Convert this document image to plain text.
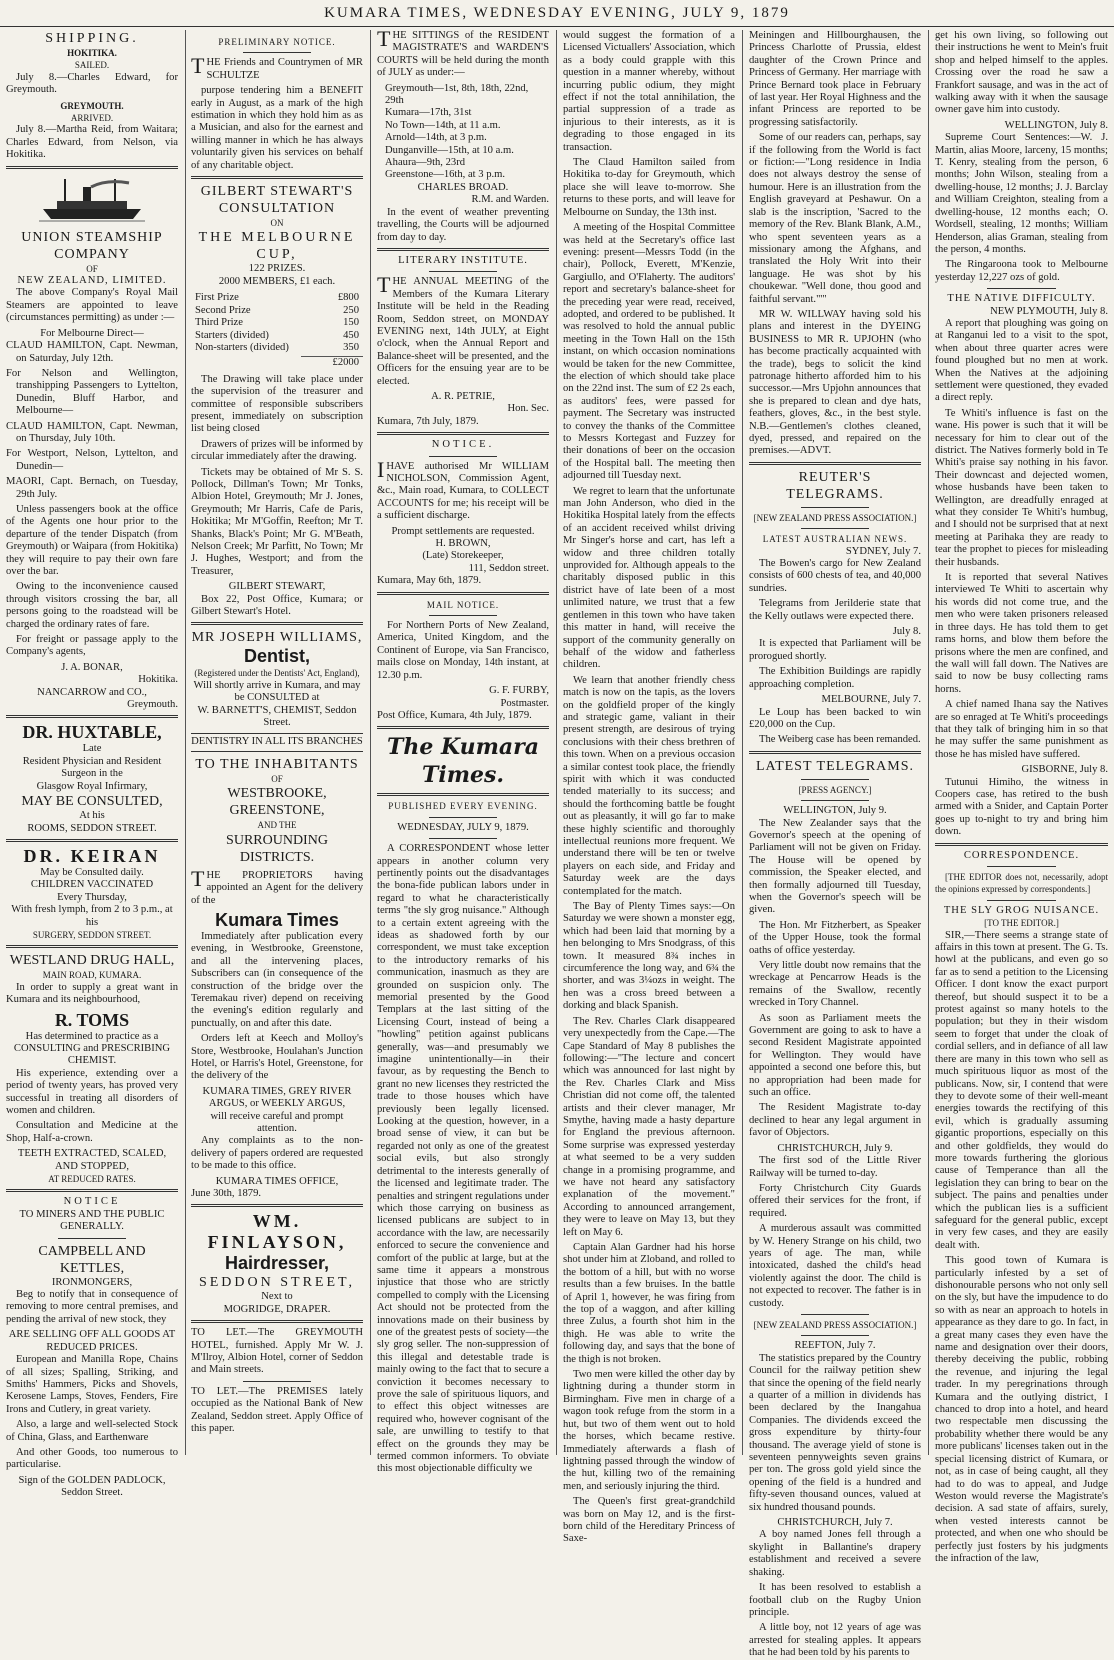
KUMARA TIMES, WEDNESDAY EVENING, JULY 9, 1879
SHIPPING.
HOKITIKA.
SAILED.

July 8.—Charles Edward, for Greymouth.

GREYMOUTH.
ARRIVED.

July 8.—Martha Reid, from Waitara; Charles Edward, from Nelson, via Hokitika.

UNION STEAMSHIP COMPANY
OF
NEW ZEALAND, LIMITED.

The above Company's Royal Mail Steamers are appointed to leave (circumstances permitting) as under :—

For Melbourne Direct—

CLAUD HAMILTON, Capt. Newman, on Saturday, July 12th.

For Nelson and Wellington, transhipping Passengers to Lyttelton, Dunedin, Bluff Harbor, and Melbourne—

CLAUD HAMILTON, Capt. Newman, on Thursday, July 10th.

For Westport, Nelson, Lyttelton, and Dunedin—

MAORI, Capt. Bernach, on Tuesday, 29th July.

Unless passengers book at the office of the Agents one hour prior to the departure of the tender Dispatch (from Greymouth) or Waipara (from Hokitika) they will require to pay their own fare over the bar.

Owing to the inconvenience caused through visitors crossing the bar, all persons going to the roadstead will be charged the ordinary rates of fare.

For freight or passage apply to the Company's agents,

J. A. BONAR,
Hokitika.
NANCARROW and CO.,
Greymouth.
DR. HUXTABLE,
Late
Resident Physician and Resident Surgeon in the
Glasgow Royal Infirmary,
MAY BE CONSULTED,
At his
ROOMS, SEDDON STREET.
DR. KEIRAN
May be Consulted daily.
CHILDREN VACCINATED
Every Thursday,
With fresh lymph, from 2 to 3 p.m., at his
SURGERY, SEDDON STREET.
WESTLAND DRUG HALL,
MAIN ROAD, KUMARA.

In order to supply a great want in Kumara and its neighbourhood,

R. TOMS
Has determined to practice as a
CONSULTING and PRESCRIBING CHEMIST.

His experience, extending over a period of twenty years, has proved very successful in treating all disorders of women and children.

Consultation and Medicine at the Shop, Half-a-crown.

TEETH EXTRACTED, SCALED, AND STOPPED,
AT REDUCED RATES.
NOTICE
TO MINERS AND THE PUBLIC GENERALLY.
CAMPBELL AND KETTLES,
IRONMONGERS,

Beg to notify that in consequence of removing to more central premises, and pending the arrival of new stock, they

ARE SELLING OFF ALL GOODS AT REDUCED PRICES.

European and Manilla Rope, Chains of all sizes; Spalling, Striking, and Smiths' Hammers, Picks and Shovels, Kerosene Lamps, Stoves, Fenders, Fire Irons and Cutlery, in great variety.

Also, a large and well-selected Stock of China, Glass, and Earthenware

And other Goods, too numerous to particularise.

Sign of the GOLDEN PADLOCK, Seddon Street.
PRELIMINARY NOTICE.

THE Friends and Countrymen of MR SCHULTZE

purpose tendering him a BENEFIT early in August, as a mark of the high estimation in which they hold him as as a Musician, and also for the earnest and willing manner in which he has always voluntarily given his services on behalf of any charitable object.

GILBERT STEWART'S CONSULTATION
ON
THE MELBOURNE CUP,
122 PRIZES.
2000 MEMBERS, £1 each.
First Prize	£800
Second Prize	250
Third Prize	150
Starters (divided)	450
Non-starters (divided)	350
£2000

The Drawing will take place under the supervision of the treasurer and committee of responsible subscribers present, immediately on subscription list being closed

Drawers of prizes will be informed by circular immediately after the drawing.

Tickets may be obtained of Mr S. S. Pollock, Dillman's Town; Mr Tonks, Albion Hotel, Greymouth; Mr J. Jones, Greymouth; Mr Harris, Cafe de Paris, Hokitika; Mr M'Goffin, Reefton; Mr T. Shanks, Black's Point; Mr G. M'Beath, Nelson Creek; Mr Parfitt, No Town; Mr J. Hughes, Westport; and from the Treasurer,

GILBERT STEWART,

Box 22, Post Office, Kumara; or Gilbert Stewart's Hotel.

MR JOSEPH WILLIAMS,
Dentist,
(Registered under the Dentists' Act, England),
Will shortly arrive in Kumara, and may be CONSULTED at
W. BARNETT'S, CHEMIST, Seddon Street.
DENTISTRY IN ALL ITS BRANCHES
TO THE INHABITANTS
OF
WESTBROOKE, GREENSTONE,
AND THE
SURROUNDING DISTRICTS.

THE PROPRIETORS having appointed an Agent for the delivery of the

Kumara Times

Immediately after publication every evening, in Westbrooke, Greenstone, and all the intervening places, Subscribers can (in consequence of the construction of the bridge over the Teremakau river) depend on receiving the evening's edition regularly and punctually, on and after this date.

Orders left at Keech and Molloy's Store, Westbrooke, Houlahan's Junction Hotel, or Harris's Hotel, Greenstone, for the delivery of the

KUMARA TIMES, GREY RIVER ARGUS, or WEEKLY ARGUS,
will receive careful and prompt attention.

Any complaints as to the non-delivery of papers ordered are requested to be made to this office.

KUMARA TIMES OFFICE,
June 30th, 1879.
WM. FINLAYSON,
Hairdresser,
SEDDON STREET,
Next to
MOGRIDGE, DRAPER.

TO LET.—The GREYMOUTH HOTEL, furnished. Apply Mr W. J. M'Ilroy, Albion Hotel, corner of Seddon and Main streets.

TO LET.—The PREMISES lately occupied as the National Bank of New Zealand, Seddon street. Apply Office of this paper.

THE SITTINGS of the RESIDENT MAGISTRATE'S and WARDEN'S COURTS will be held during the month of JULY as under:—

Greymouth—1st, 8th, 18th, 22nd, 29th
Kumara—17th, 31st
No Town—14th, at 11 a.m.
Arnold—14th, at 3 p.m.
Dunganville—15th, at 10 a.m.
Ahaura—9th, 23rd
Greenstone—16th, at 3 p.m.
CHARLES BROAD.
R.M. and Warden.

In the event of weather preventing travelling, the Courts will be adjourned from day to day.

LITERARY INSTITUTE.

THE ANNUAL MEETING of the Members of the Kumara Literary Institute will be held in the Reading Room, Seddon street, on MONDAY EVENING next, 14th JULY, at Eight o'clock, when the Annual Report and Balance-sheet will be presented, and the Officers for the ensuing year are to be elected.

A. R. PETRIE,
Hon. Sec.
Kumara, 7th July, 1879.
NOTICE.

IHAVE authorised Mr WILLIAM NICHOLSON, Commission Agent, &c., Main road, Kumara, to COLLECT ACCOUNTS for me; his receipt will be a sufficient discharge.

Prompt settlements are requested.
H. BROWN,
(Late) Storekeeper,
111, Seddon street.
Kumara, May 6th, 1879.
MAIL NOTICE.

For Northern Ports of New Zealand, America, United Kingdom, and the Continent of Europe, via San Francisco, mails close on Monday, 14th instant, at 12.30 p.m.

G. F. FURBY,
Postmaster.
Post Office, Kumara, 4th July, 1879.
The Kumara Times.
PUBLISHED EVERY EVENING.
WEDNESDAY, JULY 9, 1879.

A CORRESPONDENT whose letter appears in another column very pertinently points out the disadvantages the bona-fide publican labors under in regard to what he characteristically terms "the sly grog nuisance." Although to a certain extent agreeing with the ideas as shadowed forth by our correspondent, we must take exception to the introductory remarks of his communication, inasmuch as they are grounded on suspicion only. The memorial presented by the Good Templars at the last sitting of the Licensing Court, instead of being a "howling" petition against publicans generally, was—and presumably we imagine unintentionally—in their favour, as by requesting the Bench to grant no new licenses they restricted the trade to those houses which have previously been legally licensed. Looking at the question, however, in a broad sense of view, it can but be regarded not only as one of the greatest social evils, but also strongly detrimental to the interests generally of the licensed and legitimate trader. The penalties and stringent regulations under which those carrying on business as licensed publicans are subject to in accordance with the law, are necessarily enforced to secure the convenience and comfort of the public at large, but at the same time it appears a monstrous injustice that those who are strictly compelled to comply with the Licensing Act should not be protected from the innovations made on their business by one of the greatest pests of society—the sly grog seller. The non-suppression of this illegal and detestable trade is mainly owing to the fact that to secure a conviction it becomes necessary to prove the sale of spirituous liquors, and to effect this object witnesses are required who, however cognisant of the sale, are unwilling to testify to that effect on the grounds they may be termed common informers. To obviate this most objectionable difficulty we

would suggest the formation of a Licensed Victuallers' Association, which as a body could grapple with this question in a manner whereby, without incurring public odium, they might effect if not the total annihilation, the partial suppression of a trade as injurious to their interests, as it is degrading to those engaged in its transaction.

The Claud Hamilton sailed from Hokitika to-day for Greymouth, which place she will leave to-morrow. She returns to these ports, and will leave for Melbourne on Sunday, the 13th inst.

A meeting of the Hospital Committee was held at the Secretary's office last evening: present—Messrs Todd (in the chair), Pollock, Everett, M'Kenzie, Gargiullo, and O'Flaherty. The auditors' report and secretary's balance-sheet for the preceding year were read, received, adopted, and ordered to be published. It was resolved to hold the annual public meeting in the Town Hall on the 15th instant, on which occasion nominations would be taken for the new Committee, the election of which should take place on the 22nd inst. The sum of £2 2s each, as auditors' fees, were passed for payment. The Secretary was instructed to convey the thanks of the Committee to Messrs Kortegast and Fuzzey for their donations of beer on the occasion of the Hospital ball. The meeting then adjourned till Tuesday next.

We regret to learn that the unfortunate man John Anderson, who died in the Hokitika Hospital lately from the effects of an accident received whilst driving Mr Singer's horse and cart, has left a widow and three children totally unprovided for. Although appeals to the charitably disposed public in this district have of late been of a most unlimited nature, we trust that a few gentlemen in this town who have taken this matter in hand, will receive the support of the community generally on behalf of the widow and fatherless children.

We learn that another friendly chess match is now on the tapis, as the lovers on the goldfield proper of the kingly and strategic game, valiant in their present strength, are desirous of trying conclusions with their chess brethren of this town. When on a previous occasion a similar contest took place, the friendly spirit with which it was conducted tended materially to its success; and should the forthcoming battle be fought out as pleasantly, it will go far to make these highly scientific and thoroughly intellectual reunions more frequent. We understand there will be ten or twelve players on each side, and Friday and Saturday week are the days contemplated for the match.

The Bay of Plenty Times says:—On Saturday we were shown a monster egg, which had been laid that morning by a hen belonging to Mrs Snodgrass, of this town. It measured 8¾ inches in circumference the long way, and 6¾ the shorter, and was 3¼ozs in weight. The hen was a cross breed between a dorking and black Spanish.

The Rev. Charles Clark disappeared very unexpectedly from the Cape.—The Cape Standard of May 8 publishes the following:—"The lecture and concert which was announced for last night by the Rev. Charles Clark and Miss Christian did not come off, the talented artists and their clever manager, Mr Smythe, having made a hasty departure for England the previous afternoon. Some surprise was expressed yesterday at what seemed to be a very sudden change in a promising programme, and we have not heard any satisfactory explanation of the movement." According to announced arrangement, they were to leave on May 13, but they left on May 6.

Captain Alan Gardner had his horse shot under him at Zloband, and rolled to the bottom of a hill, but with no worse results than a few bruises. In the battle of April 1, however, he was firing from the top of a waggon, and after killing three Zulus, a fourth shot him in the thigh. He was able to write the following day, and says that the bone of the thigh is not broken.

Two men were killed the other day by lightning during a thunder storm in Birmingham. Five men in charge of a wagon took refuge from the storm in a hut, but two of them went out to hold the horses, which became restive. Immediately afterwards a flash of lightning passed through the window of the hut, killing two of the remaining men, and seriously injuring the third.

The Queen's first great-grandchild was born on May 12, and is the first-born child of the Hereditary Princess of Saxe-

Meiningen and Hillbourghausen, the Princess Charlotte of Prussia, eldest daughter of the Crown Prince and Princess of Germany. Her marriage with Prince Bernard took place in February of last year. Her Royal Highness and the infant Princess are reported to be progressing satisfactorily.

Some of our readers can, perhaps, say if the following from the World is fact or fiction:—"Long residence in India does not always destroy the sense of humour. Here is an illustration from the English graveyard at Peshawur. On a slab is the inscription, 'Sacred to the memory of the Rev. Blank Blank, A.M., who spent seventeen years as a missionary among the Afghans, and translated the Holy Writ into their language. He was shot by his choukewar. "Well done, thou good and faithful servant."'"

MR W. WILLWAY having sold his plans and interest in the DYEING BUSINESS to MR R. UPJOHN (who has become practically acquainted with the trade), begs to solicit the kind patronage hitherto afforded him to his successor.—Mrs Upjohn announces that she is prepared to clean and dye hats, feathers, gloves, &c., in the best style. N.B.—Gentlemen's clothes cleaned, dyed, pressed, and repaired on the premises.—ADVT.

REUTER'S TELEGRAMS.
[NEW ZEALAND PRESS ASSOCIATION.]
LATEST AUSTRALIAN NEWS.
SYDNEY, July 7.

The Bowen's cargo for New Zealand consists of 600 chests of tea, and 40,000 sundries.

Telegrams from Jerilderie state that the Kelly outlaws were expected there.

July 8.

It is expected that Parliament will be prorogued shortly.

The Exhibition Buildings are rapidly approaching completion.

MELBOURNE, July 7.

Le Loup has been backed to win £20,000 on the Cup.

The Weiberg case has been remanded.

LATEST TELEGRAMS.
[PRESS AGENCY.]
WELLINGTON, July 9.

The New Zealander says that the Governor's speech at the opening of Parliament will not be given on Friday. The House will be opened by commission, the Speaker elected, and then formally adjourned till Tuesday, when the Governor's speech will be given.

The Hon. Mr Fitzherbert, as Speaker of the Upper House, took the formal oaths of office yesterday.

Very little doubt now remains that the wreckage at Pencarrow Heads is the remains of the Swallow, recently wrecked in Tory Channel.

As soon as Parliament meets the Government are going to ask to have a second Resident Magistrate appointed for Wellington. They would have appointed a second one before this, but no appropriation had been made for such an office.

The Resident Magistrate to-day declined to hear any legal argument in favor of Objectors.

CHRISTCHURCH, July 9.

The first sod of the Little River Railway will be turned to-day.

Forty Christchurch City Guards offered their services for the front, if required.

A murderous assault was committed by W. Henery Strange on his child, two years of age. The man, while intoxicated, dashed the child's head violently against the door. The child is not expected to recover. The father is in custody.

[NEW ZEALAND PRESS ASSOCIATION.]
REEFTON, July 7.

The statistics prepared by the Country Council for the railway petition shew that since the opening of the field nearly a quarter of a million in dividends has been declared by the Inangahua Companies. The dividends exceed the gross expenditure by thirty-four thousand. The average yield of stone is seventeen pennyweights seven grains per ton. The gross gold yield since the opening of the field is a hundred and fifty-seven thousand ounces, valued at six hundred thousand pounds.

CHRISTCHURCH, July 7.

A boy named Jones fell through a skylight in Ballantine's drapery establishment and received a severe shaking.

It has been resolved to establish a football club on the Rugby Union principle.

A little boy, not 12 years of age was arrested for stealing apples. It appears that he had been told by his parents to

get his own living, so following out their instructions he went to Mein's fruit shop and helped himself to the apples. Crossing over the road he saw a Frankfort sausage, and was in the act of walking away with it when the sausage owner gave him into custody.

WELLINGTON, July 8.

Supreme Court Sentences:—W. J. Martin, alias Moore, larceny, 15 months; T. Kenry, stealing from the person, 6 months; John Wilson, stealing from a dwelling-house, 12 months; J. J. Barclay and William Creighton, stealing from a dwelling-house, 12 months each; O. Wordsell, stealing, 12 months; William Henderson, alias Graman, stealing from the person, 4 months.

The Ringaroona took to Melbourne yesterday 12,227 ozs of gold.

THE NATIVE DIFFICULTY.
NEW PLYMOUTH, July 8.

A report that ploughing was going on at Ranganui led to a visit to the spot, when about three quarter acres were found ploughed but no men at work. When the Natives at the adjoining settlement were questioned, they evaded a direct reply.

Te Whiti's influence is fast on the wane. His power is such that it will be necessary for him to clear out of the district. The Natives formerly bold in Te Whiti's praise say nothing in his favor. Their downcast and dejected women, whose husbands have been taken to Wellington, are dreadfully enraged at what they consider Te Whiti's humbug, and I should not be surprised that at next meeting at Parihaka they are ready to tear the prophet to pieces for misleading their husbands.

It is reported that several Natives interviewed Te Whiti to ascertain why his words did not come true, and the men who were taken prisoners released in three days. He has told them to get rams horns, and blow them before the prisons where the men are confined, and the wall will fall down. The Natives are said to now be busy collecting rams horns.

A chief named Ihana say the Natives are so enraged at Te Whiti's proceedings that they talk of bringing him in so that he may suffer the same punishment as those he has misled have suffered.

GISBORNE, July 8.

Tutunui Himiho, the witness in Coopers case, has retired to the bush armed with a Snider, and Captain Porter goes up to-night to try and bring him down.

CORRESPONDENCE.

[THE EDITOR does not, necessarily, adopt the opinions expressed by correspondents.]

THE SLY GROG NUISANCE.
[TO THE EDITOR.]

SIR,—There seems a strange state of affairs in this town at present. The G. Ts. howl at the publicans, and even go so far as to send a petition to the Licensing Officer. I dont know the exact purport thereof, but should suspect it to be a protest against so many hotels to the population; but they in their wisdom seem to forget that under the cloak of cordial sellers, and in defiance of all law there are many in this town who sell as much spirituous liquor as most of the publicans. Now, sir, I contend that were they to devote some of their well-meant energies towards the rectifying of this evil, which is gradually assuming gigantic proportions, especially on this and other goldfields, they would do more towards furthering the glorious cause of Temperance than all the legislation they can bring to bear on the subject. The pains and penalties under which the publican lies is a sufficient safeguard for the general public, except in very few cases, and they are easily dealt with.

This good town of Kumara is particularly infested by a set of dishonourable persons who not only sell on the sly, but have the impudence to do so with as near an approach to hotels in appearance as they dare to go. In fact, in a great many cases they even have the name and designation over their doors, thereby deceiving the public, robbing the revenue, and injuring the legal trader. In my peregrinations through Kumara and the outlying district, I chanced to drop into a hotel, and heard two respectable men discussing the probability whether there would be any more publicans' licenses taken out in the special licensing district of Kumara, or not, as in case of being caught, all they had to do was to appeal, and Judge Weston would reverse the Magistrate's decision. A sad state of affairs, surely, when vested interests cannot be protected, and when one who should be perfectly just fosters by his judgments the infraction of the law,
